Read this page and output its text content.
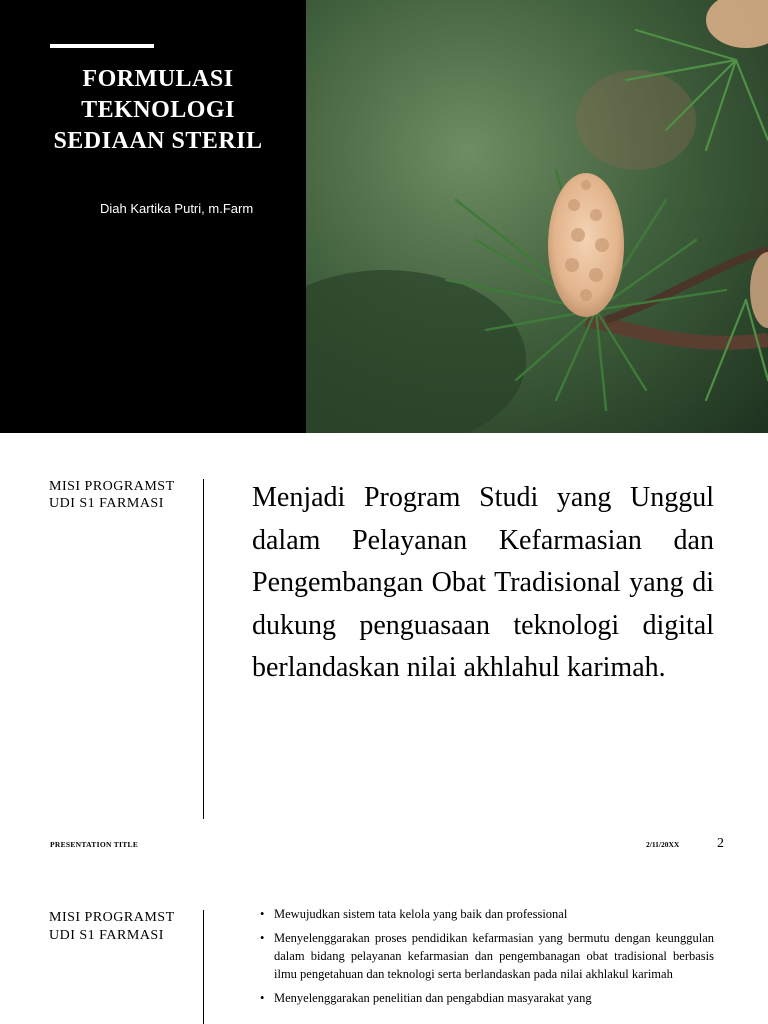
FORMULASI
TEKNOLOGI
SEDIAAN STERIL
Diah Kartika Putri, m.Farm
MISI PROGRAMSTUDI S1 FARMASI	Menjadi Program Studi yang Unggul dalam Pelayanan Kefarmasian dan Pengembangan Obat Tradisional yang di dukung penguasaan teknologi digital berlandaskan nilai akhlahul karimah.

PRESENTATION TITLE	2/11/20XX	2
MISI PROGRAMSTUDI S1 FARMASI
• Mewujudkan sistem tata kelola yang baik dan professional
• Menyelenggarakan proses pendidikan kefarmasian yang bermutu dengan keunggulan dalam bidang pelayanan kefarmasian dan pengembanagan obat tradisional berbasis ilmu pengetahuan dan teknologi serta berlandaskan pada nilai akhlakul karimah
• Menyelenggarakan penelitian dan pengabdian masyarakat yang
